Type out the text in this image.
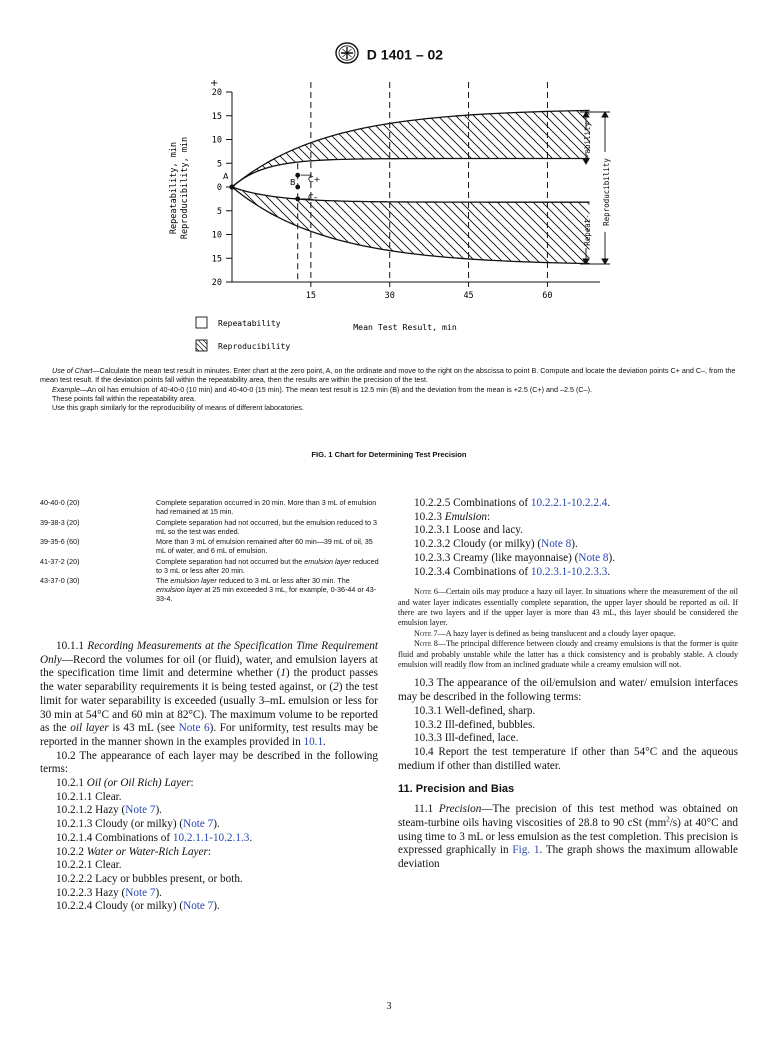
D 1401 – 02
20
15
10
5
0
5
10
15
20
15	30	45	60
+
Repeatability, min Reproducibility, min
Mean Test Result, min
A
B C+
C–
-ability
Reproducibility
Repeat-
Repeatability
Reproducibility

Use of Chart—Calculate the mean test result in minutes. Enter chart at the zero point, A, on the ordinate and move to the right on the abscissa to point B. Compute and locate the deviation points C+ and C–, from the mean test result. If the deviation points fall within the repeatability area, then the results are within the precision of the test.

Example—An oil has emulsion of 40-40-0 (10 min) and 40-40-0 (15 min). The mean test result is 12.5 min (B) and the deviation from the mean is +2.5 (C+) and –2.5 (C–).

These points fall within the repeatability area.

Use this graph similarly for the reproducibility of means of different laboratories.

FIG. 1 Chart for Determining Test Precision
40-40-0 (20)	Complete separation occurred in 20 min. More than 3 mL of emulsion had remained at 15 min.
39-38-3 (20)	Complete separation had not occurred, but the emulsion reduced to 3 mL so the test was ended.
39-35-6 (60)	More than 3 mL of emulsion remained after 60 min—39 mL of oil, 35 mL of water, and 6 mL of emulsion.
41-37-2 (20)	Complete separation had not occurred but the emulsion layer reduced to 3 mL or less after 20 min.
43-37-0 (30)	The emulsion layer reduced to 3 mL or less after 30 min. The emulsion layer at 25 min exceeded 3 mL, for example, 0-36-44 or 43-33-4.

10.1.1 Recording Measurements at the Specification Time Requirement Only—Record the volumes for oil (or fluid), water, and emulsion layers at the specification time limit and determine whether (1) the product passes the water separability requirements it is being tested against, or (2) the test limit for water separability is exceeded (usually 3–mL emulsion or less for 30 min at 54°C and 60 min at 82°C). The maximum volume to be reported as the oil layer is 43 mL (see Note 6). For uniformity, test results may be reported in the manner shown in the examples provided in 10.1.

10.2 The appearance of each layer may be described in the following terms:

10.2.1 Oil (or Oil Rich) Layer:

10.2.1.1 Clear.

10.2.1.2 Hazy (Note 7).

10.2.1.3 Cloudy (or milky) (Note 7).

10.2.1.4 Combinations of 10.2.1.1-10.2.1.3.

10.2.2 Water or Water-Rich Layer:

10.2.2.1 Clear.

10.2.2.2 Lacy or bubbles present, or both.

10.2.2.3 Hazy (Note 7).

10.2.2.4 Cloudy (or milky) (Note 7).

10.2.2.5 Combinations of 10.2.2.1-10.2.2.4.

10.2.3 Emulsion:

10.2.3.1 Loose and lacy.

10.2.3.2 Cloudy (or milky) (Note 8).

10.2.3.3 Creamy (like mayonnaise) (Note 8).

10.2.3.4 Combinations of 10.2.3.1-10.2.3.3.

Note 6—Certain oils may produce a hazy oil layer. In situations where the measurement of the oil and water layer indicates essentially complete separation, the upper layer should be reported as oil. If there are two layers and if the upper layer is more than 43 mL, this layer should be considered the emulsion layer.

Note 7—A hazy layer is defined as being translucent and a cloudy layer opaque.

Note 8—The principal difference between cloudy and creamy emulsions is that the former is quite fluid and probably unstable while the latter has a thick consistency and is probably stable. A cloudy emulsion will readily flow from an inclined graduate while a creamy emulsion will not.

10.3 The appearance of the oil/emulsion and water/ emulsion interfaces may be described in the following terms:

10.3.1 Well-defined, sharp.

10.3.2 Ill-defined, bubbles.

10.3.3 Ill-defined, lace.

10.4 Report the test temperature if other than 54°C and the aqueous medium if other than distilled water.

11. Precision and Bias

11.1 Precision—The precision of this test method was obtained on steam-turbine oils having viscosities of 28.8 to 90 cSt $(mm^2/s)$ at 40°C and using time to 3 mL or less emulsion as the test completion. This precision is expressed graphically in Fig. 1. The graph shows the maximum allowable deviation

3
